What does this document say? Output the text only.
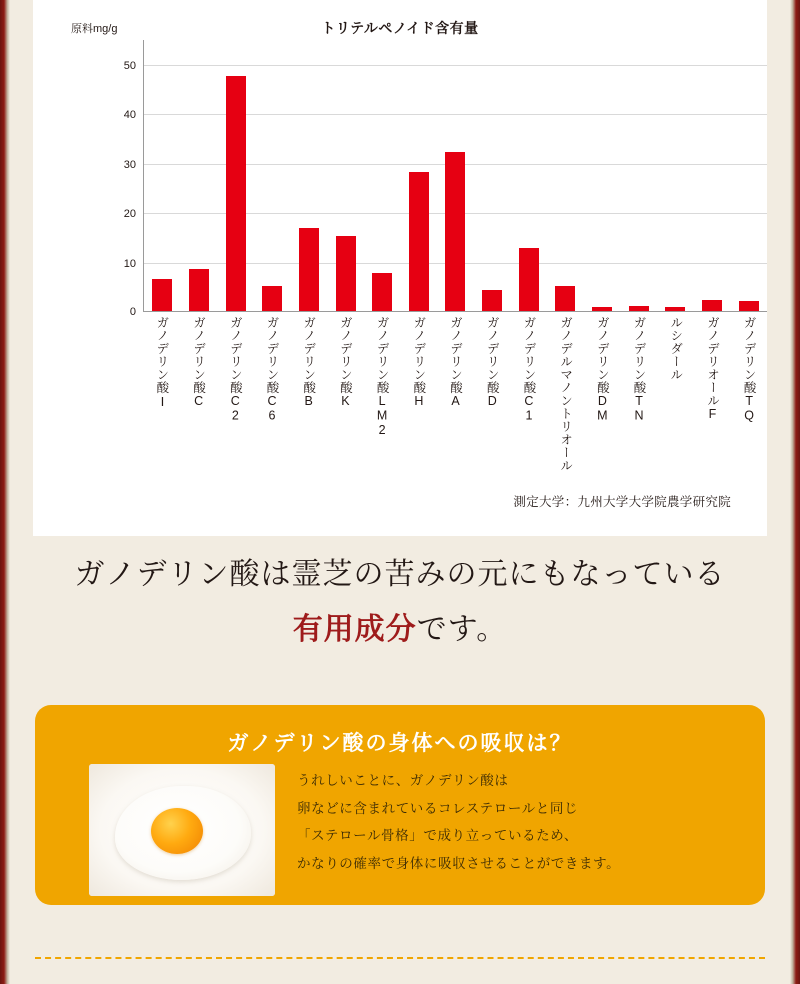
原料mg/g	トリテルペノイド含有量
0
10
20
30
40
50
ガノデリン酸Ⅰ ガノデリン酸C ガノデリン酸C2 ガノデリン酸C6 ガノデリン酸B ガノデリン酸K ガノデリン酸LM2 ガノデリン酸H ガノデリン酸A ガノデリン酸D ガノデリン酸C1 ガノデルマノントリオール ガノデリン酸DM ガノデリン酸TN ルシダール ガノデリオールF ガノデリン酸TQ
測定大学：九州大学大学院農学研究院
ガノデリン酸は霊芝の苦みの元にもなっている
有用成分です。
ガノデリン酸の身体への吸収は？
うれしいことに、ガノデリン酸は
卵などに含まれているコレステロールと同じ
「ステロール骨格」で成り立っているため、
かなりの確率で身体に吸収させることができます。
